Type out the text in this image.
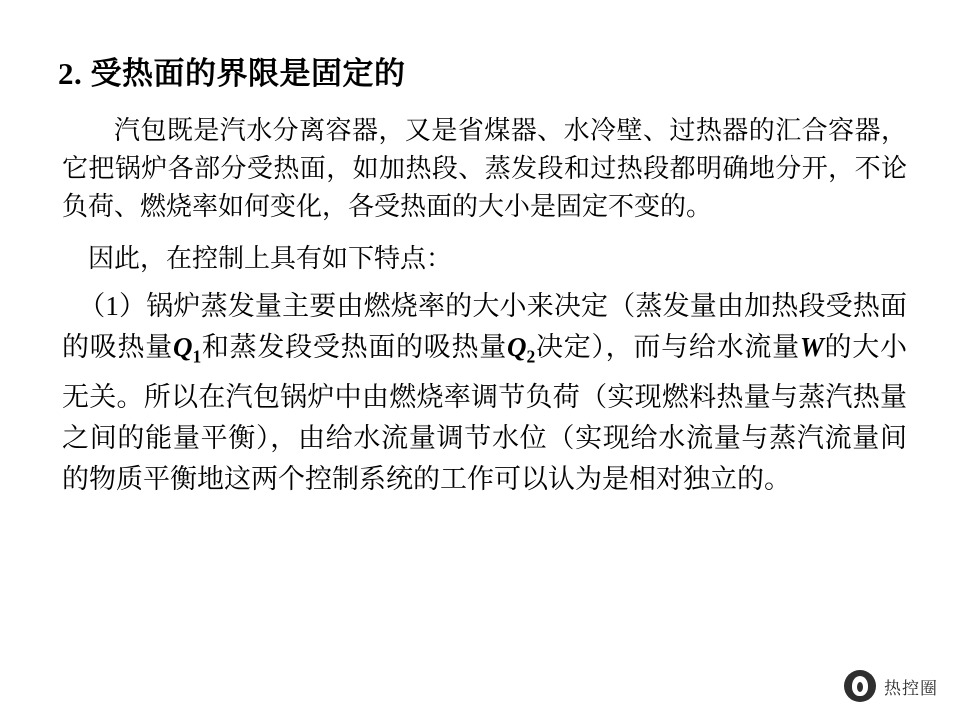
2. 受热面的界限是固定的

汽包既是汽水分离容器，又是省煤器、水冷壁、过热器的汇合容器，它把锅炉各部分受热面，如加热段、蒸发段和过热段都明确地分开，不论负荷、燃烧率如何变化，各受热面的大小是固定不变的。

因此，在控制上具有如下特点：

（1）锅炉蒸发量主要由燃烧率的大小来决定（蒸发量由加热段受热面的吸热量$Q_1$和蒸发段受热面的吸热量$Q_2$决定），而与给水流量W的大小无关。所以在汽包锅炉中由燃烧率调节负荷（实现燃料热量与蒸汽热量之间的能量平衡），由给水流量调节水位（实现给水流量与蒸汽流量间的物质平衡地这两个控制系统的工作可以认为是相对独立的。

热控圈
